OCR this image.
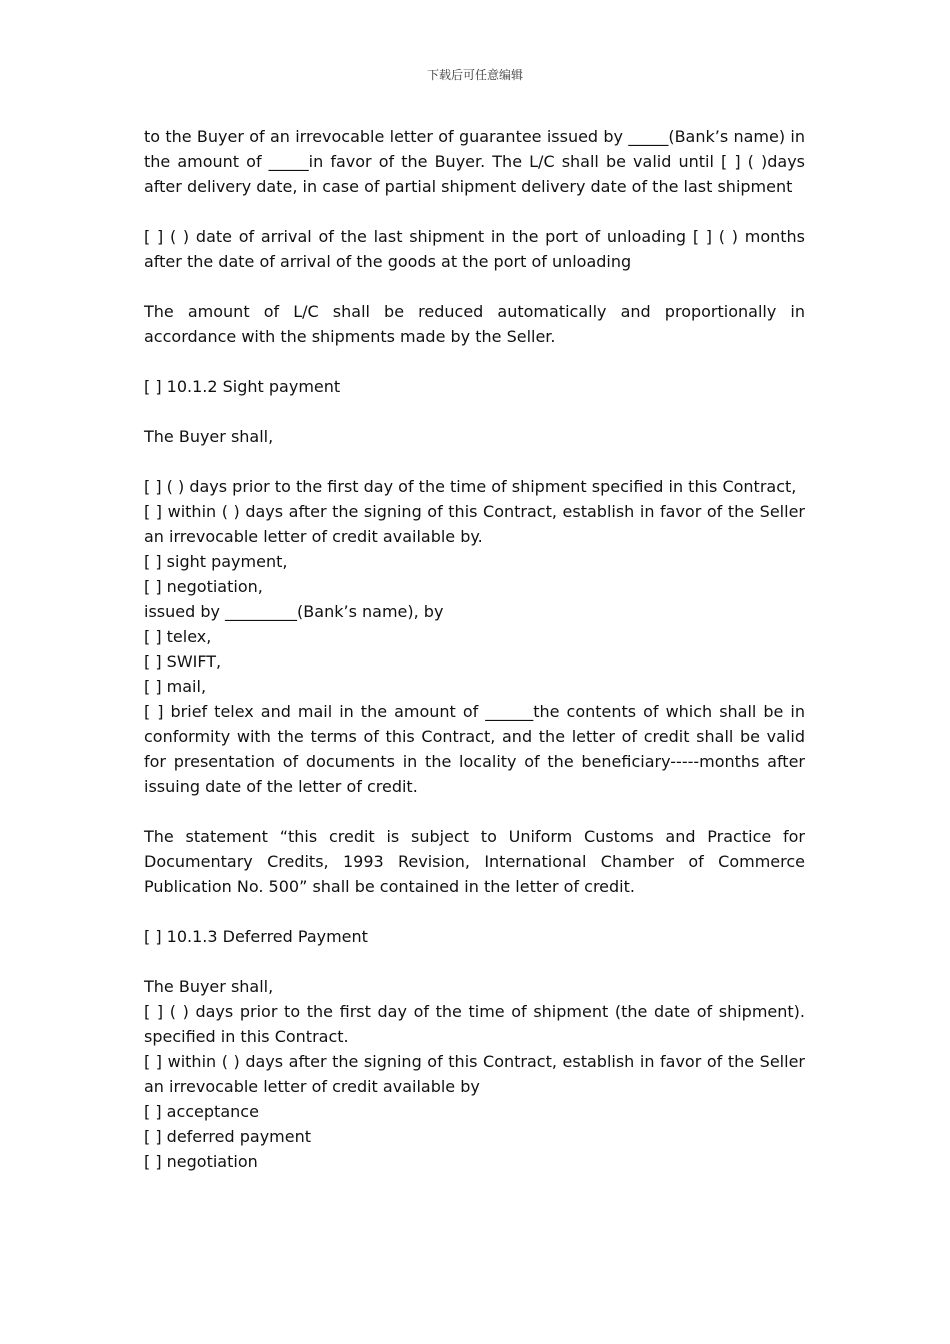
下载后可任意编辑

to the Buyer of an irrevocable letter of guarantee issued by _____(Bank’s name) in the amount of _____in favor of the Buyer. The L/C shall be valid until [ ] ( )days after delivery date, in case of partial shipment delivery date of the last shipment

[ ] ( ) date of arrival of the last shipment in the port of unloading [ ] ( ) months after the date of arrival of the goods at the port of unloading

The amount of L/C shall be reduced automatically and proportionally in accordance with the shipments made by the Seller.

[ ] 10.1.2 Sight payment

The Buyer shall,

[ ] ( ) days prior to the first day of the time of shipment specified in this Contract,

[ ] within ( ) days after the signing of this Contract, establish in favor of the Seller an irrevocable letter of credit available by.

[ ] sight payment,

[ ] negotiation,

issued by _________(Bank’s name), by

[ ] telex,

[ ] SWIFT,

[ ] mail,

[ ] brief telex and mail in the amount of ______the contents of which shall be in conformity with the terms of this Contract, and the letter of credit shall be valid for presentation of documents in the locality of the beneficiary-----months after issuing date of the letter of credit.

The statement “this credit is subject to Uniform Customs and Practice for Documentary Credits, 1993 Revision, International Chamber of Commerce Publication No. 500” shall be contained in the letter of credit.

[ ] 10.1.3 Deferred Payment

The Buyer shall,

[ ] ( ) days prior to the first day of the time of shipment (the date of shipment). specified in this Contract.

[ ] within ( ) days after the signing of this Contract, establish in favor of the Seller an irrevocable letter of credit available by

[ ] acceptance

[ ] deferred payment

[ ] negotiation
